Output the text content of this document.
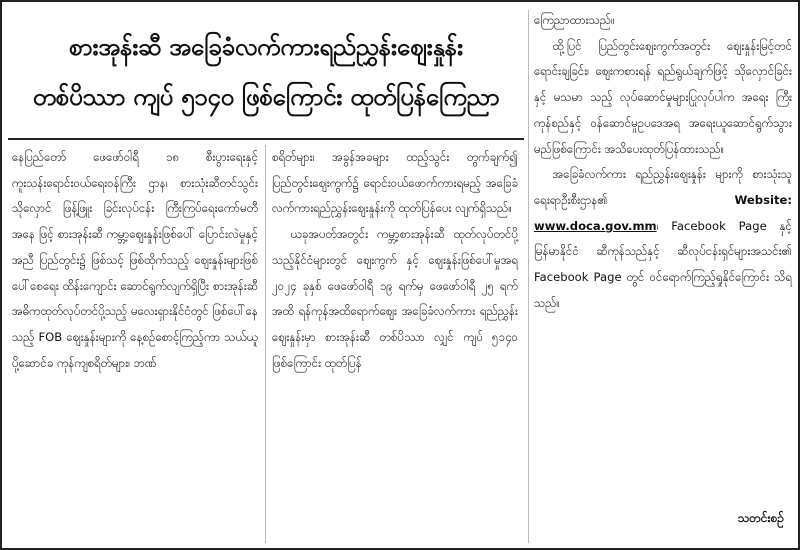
စားအုန်းဆီ အခြေခံလက်ကားရည်ညွှန်းဈေးနှုန်း
တစ်ပိဿာ ကျပ် ၅၁၄၀ ဖြစ်ကြောင်း ထုတ်ပြန်ကြေညာ

နေပြည်တော် ဖေဖော်ဝါရီ ၁၈ စီးပွားရေးနှင့် ကူးသန်းရောင်းဝယ်ရေးဝန်ကြီး ဌာန၊ စားသုံးဆီတင်သွင်းသိုလှောင် ဖြန့်ဖြူး ခြင်းလုပ်ငန်း ကြီးကြပ်ရေးကော်မတီအနေ ဖြင့် စားအုန်းဆီ ကမ္ဘာ့ဈေးနှုန်းဖြစ်ပေါ် ပြောင်းလဲမှုနှင့်အညီ ပြည်တွင်း၌ ဖြစ်သင့် ဖြစ်ထိုက်သည့် ဈေးနှုန်းများဖြစ်ပေါ်စေရေး ထိန်းကျောင်း ဆောင်ရွက်လျက်ရှိပြီး စားအုန်းဆီ အဓိကထုတ်လုပ်တင်ပို့သည့် မလေးရှားနိုင်ငံတွင် ဖြစ်ပေါ်နေသည့် FOB ဈေးနှုန်းများကို နေ့စဉ်စောင့်ကြည့်ကာ သယ်ယူပို့ဆောင်ခ ကုန်ကျစရိတ်များ၊ ဘဏ်

စရိတ်များ၊ အခွန်အခများ ထည့်သွင်း တွက်ချက်၍ ပြည်တွင်းဈေးကွက်၌ ရောင်းဝယ်ဖောက်ကားရမည့် အခြေခံ လက်ကားရည်ညွှန်းဈေးနှုန်းကို ထုတ်ပြန်ပေး လျက်ရှိသည်။

ယခုအပတ်အတွင်း ကမ္ဘာ့စားအုန်းဆီ ထုတ်လုပ်တင်ပို့သည့်နိုင်ငံများတွင် ဈေးကွက် နှင့် ဈေးနှုန်းဖြစ်ပေါ်မှုအရ ၂၀၂၄ ခုနှစ် ဖေဖော်ဝါရီ ၁၉ ရက်မှ ဖေဖော်ဝါရီ ၂၅ ရက် အထိ ရန်ကုန်အထိရောက်ဈေး အခြေခံလက်ကား ရည်ညွှန်းဈေးနှုန်းမှာ စားအုန်းဆီ တစ်ပိဿာ လျှင် ကျပ် ၅၁၄၀ ဖြစ်ကြောင်း ထုတ်ပြန်

ကြေညာထားသည်။

ထို့ပြင် ပြည်တွင်းဈေးကွက်အတွင်း ဈေးနှုန်းမြင့်တင်ရောင်းချခြင်း၊ ဈေးကစားရန် ရည်ရွယ်ချက်ဖြင့် သိုလှောင်ခြင်းနှင့် မသမာ သည့် လုပ်ဆောင်မှုများပြုလုပ်ပါက အရေး ကြီး ကုန်စည်နှင့် ဝန်ဆောင်မှုဥပဒေအရ အရေးယူဆောင်ရွက်သွားမည်ဖြစ်ကြောင်း အသိပေးထုတ်ပြန်ထားသည်။

အခြေခံလက်ကား ရည်ညွှန်းဈေးနှုန်း များကို စားသုံးသူရေးရာဦးစီးဌာန၏	Website: www.doca.gov.mm၊ Facebook Page နှင့် မြန်မာနိုင်ငံ ဆီကုန်သည်နှင့် ဆီလုပ်ငန်းရှင်များအသင်း၏ Facebook Page တွင် ဝင်ရောက်ကြည့်ရှုနိုင်ကြောင်း သိရသည်။

သတင်းစဉ်
